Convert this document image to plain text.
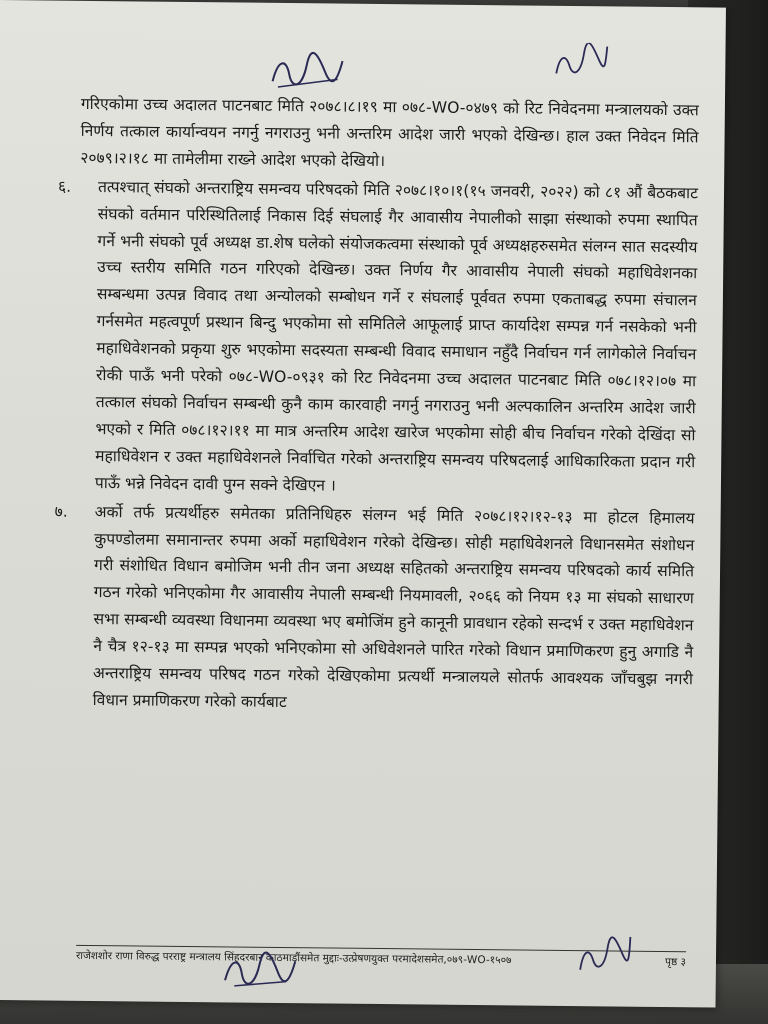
गरिएकोमा उच्च अदालत पाटनबाट मिति २०७८।८।१९ मा ०७८-WO-०४७९ को रिट निवेदनमा मन्त्रालयको उक्त निर्णय तत्काल कार्यान्वयन नगर्नु नगराउनु भनी अन्तरिम आदेश जारी भएको देखिन्छ। हाल उक्त निवेदन मिति २०७९।२।१८ मा तामेलीमा राख्ने आदेश भएको देखियो।

६.	तत्पश्चात् संघको अन्तराष्ट्रिय समन्वय परिषदको मिति २०७८।१०।१(१५ जनवरी, २०२२) को ८१ औं बैठकबाट संघको वर्तमान परिस्थितिलाई निकास दिई संघलाई गैर आवासीय नेपालीको साझा संस्थाको रुपमा स्थापित गर्ने भनी संघको पूर्व अध्यक्ष डा.शेष घलेको संयोजकत्वमा संस्थाको पूर्व अध्यक्षहरुसमेत संलग्न सात सदस्यीय उच्च स्तरीय समिति गठन गरिएको देखिन्छ। उक्त निर्णय गैर आवासीय नेपाली संघको महाधिवेशनका सम्बन्धमा उत्पन्न विवाद तथा अन्योलको सम्बोधन गर्ने र संघलाई पूर्ववत रुपमा एकताबद्ध रुपमा संचालन गर्नसमेत महत्वपूर्ण प्रस्थान बिन्दु भएकोमा सो समितिले आफूलाई प्राप्त कार्यादेश सम्पन्न गर्न नसकेको भनी महाधिवेशनको प्रकृया शुरु भएकोमा सदस्यता सम्बन्धी विवाद समाधान नहुँदै निर्वाचन गर्न लागेकोले निर्वाचन रोकी पाऊँ भनी परेको ०७८-WO-०९३१ को रिट निवेदनमा उच्च अदालत पाटनबाट मिति ०७८।१२।०७ मा तत्काल संघको निर्वाचन सम्बन्धी कुनै काम कारवाही नगर्नु नगराउनु भनी अल्पकालिन अन्तरिम आदेश जारी भएको र मिति ०७८।१२।११ मा मात्र अन्तरिम आदेश खारेज भएकोमा सोही बीच निर्वाचन गरेको देखिंदा सो महाधिवेशन र उक्त महाधिवेशनले निर्वाचित गरेको अन्तराष्ट्रिय समन्वय परिषदलाई आधिकारिकता प्रदान गरी पाऊँ भन्ने निवेदन दावी पुग्न सक्ने देखिएन ।

७.	अर्को तर्फ प्रत्यर्थीहरु समेतका प्रतिनिधिहरु संलग्न भई मिति २०७८।१२।१२-१३ मा होटल हिमालय कुपण्डोलमा समानान्तर रुपमा अर्को महाधिवेशन गरेको देखिन्छ। सोही महाधिवेशनले विधानसमेत संशोधन गरी संशोधित विधान बमोजिम भनी तीन जना अध्यक्ष सहितको अन्तराष्ट्रिय समन्वय परिषदको कार्य समिति गठन गरेको भनिएकोमा गैर आवासीय नेपाली सम्बन्धी नियमावली, २०६६ को नियम १३ मा संघको साधारण सभा सम्बन्धी व्यवस्था विधानमा व्यवस्था भए बमोजिंम हुने कानूनी प्रावधान रहेको सन्दर्भ र उक्त महाधिवेशन नै चैत्र १२-१३ मा सम्पन्न भएको भनिएकोमा सो अधिवेशनले पारित गरेको विधान प्रमाणिकरण हुनु अगाडि नै अन्तराष्ट्रिय समन्वय परिषद गठन गरेको देखिएकोमा प्रत्यर्थी मन्त्रालयले सोतर्फ आवश्यक जाँचबुझ नगरी विधान प्रमाणिकरण गरेको कार्यबाट

राजेशशोर राणा विरुद्ध परराष्ट्र मन्त्रालय सिंहदरबार काठमाडौंसमेत मुद्दाः-उत्प्रेषणयुक्त परमादेशसमेत,०७९-WO-१५०७	पृष्ठ ३
